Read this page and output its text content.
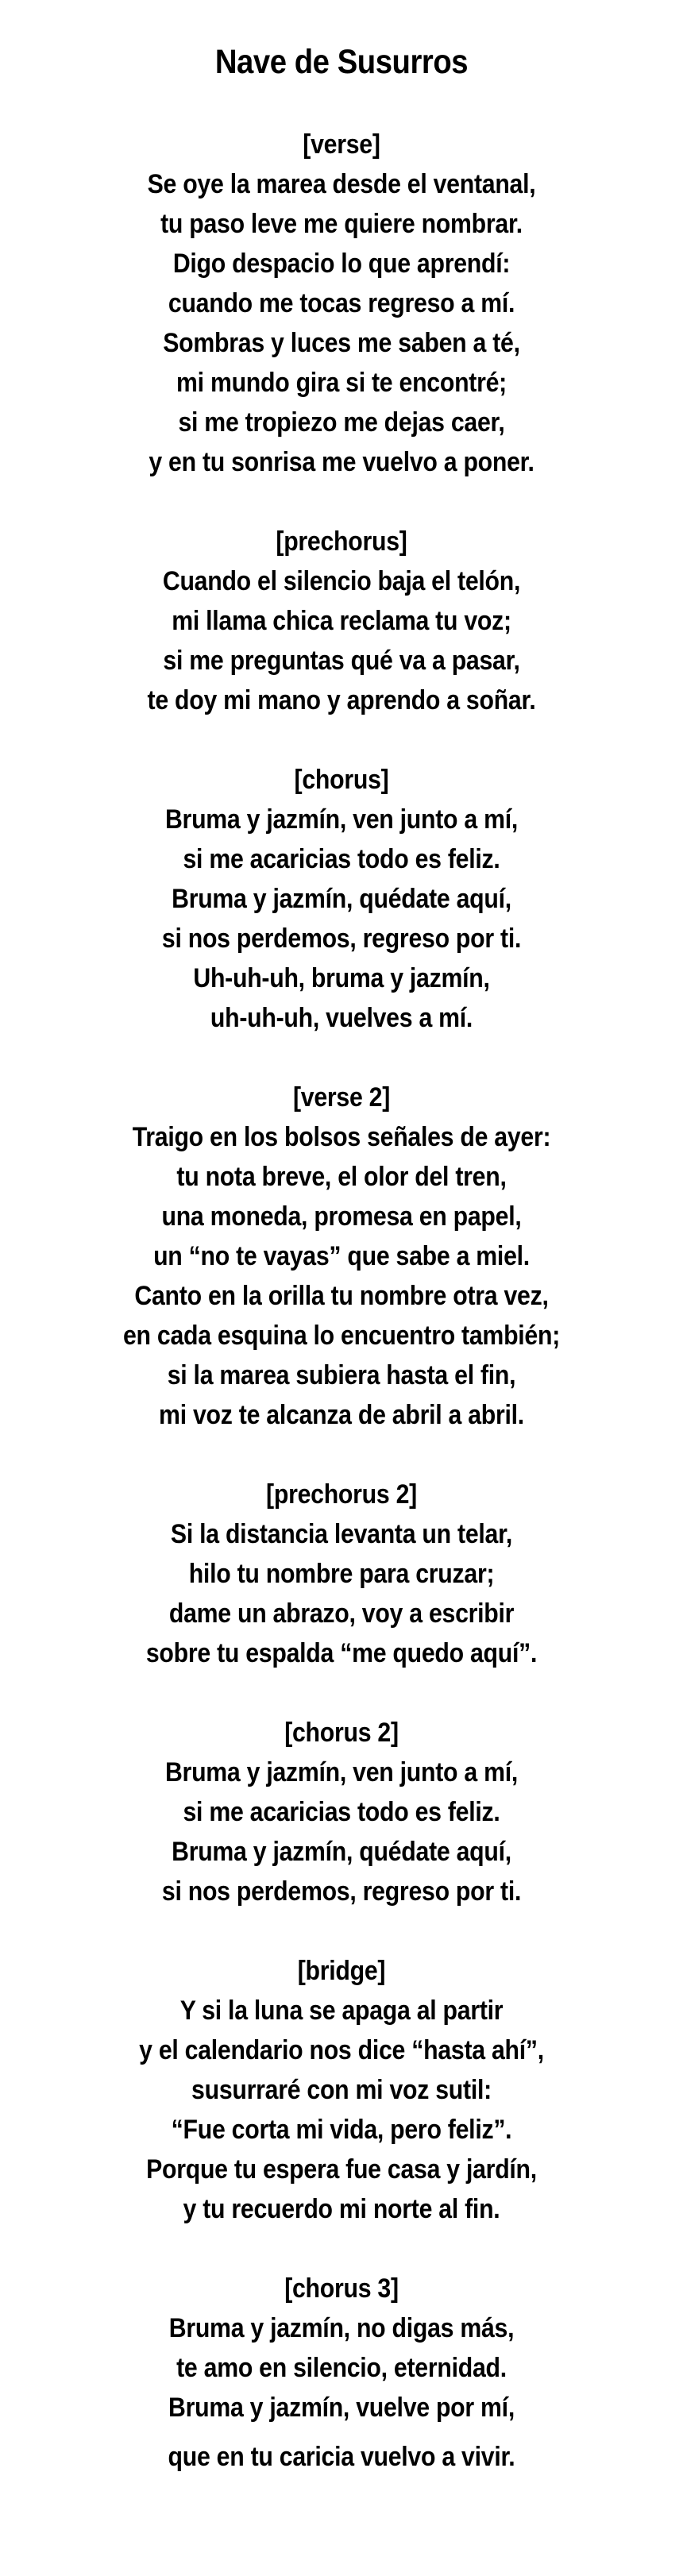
Nave de Susurros
[verse]
Se oye la marea desde el ventanal,
tu paso leve me quiere nombrar.
Digo despacio lo que aprendí:
cuando me tocas regreso a mí.
Sombras y luces me saben a té,
mi mundo gira si te encontré;
si me tropiezo me dejas caer,
y en tu sonrisa me vuelvo a poner.
[prechorus]
Cuando el silencio baja el telón,
mi llama chica reclama tu voz;
si me preguntas qué va a pasar,
te doy mi mano y aprendo a soñar.
[chorus]
Bruma y jazmín, ven junto a mí,
si me acaricias todo es feliz.
Bruma y jazmín, quédate aquí,
si nos perdemos, regreso por ti.
Uh-uh-uh, bruma y jazmín,
uh-uh-uh, vuelves a mí.
[verse 2]
Traigo en los bolsos señales de ayer:
tu nota breve, el olor del tren,
una moneda, promesa en papel,
un “no te vayas” que sabe a miel.
Canto en la orilla tu nombre otra vez,
en cada esquina lo encuentro también;
si la marea subiera hasta el fin,
mi voz te alcanza de abril a abril.
[prechorus 2]
Si la distancia levanta un telar,
hilo tu nombre para cruzar;
dame un abrazo, voy a escribir
sobre tu espalda “me quedo aquí”.
[chorus 2]
Bruma y jazmín, ven junto a mí,
si me acaricias todo es feliz.
Bruma y jazmín, quédate aquí,
si nos perdemos, regreso por ti.
[bridge]
Y si la luna se apaga al partir
y el calendario nos dice “hasta ahí”,
susurraré con mi voz sutil:
“Fue corta mi vida, pero feliz”.
Porque tu espera fue casa y jardín,
y tu recuerdo mi norte al fin.
[chorus 3]
Bruma y jazmín, no digas más,
te amo en silencio, eternidad.
Bruma y jazmín, vuelve por mí,
que en tu caricia vuelvo a vivir.
